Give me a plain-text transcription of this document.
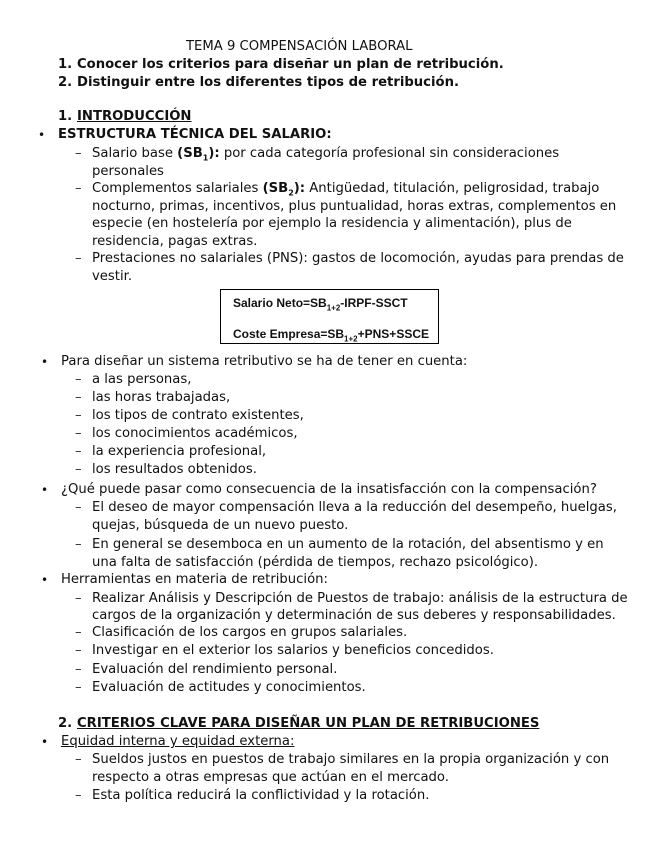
TEMA 9 COMPENSACIÓN LABORAL
1. Conocer los criterios para diseñar un plan de retribución.
2. Distinguir entre los diferentes tipos de retribución.
1. INTRODUCCIÓN
• ESTRUCTURA TÉCNICA DEL SALARIO:
– Salario base $(SB_1)$: por cada categoría profesional sin consideraciones
personales
– Complementos salariales $(SB_2)$: Antigüedad, titulación, peligrosidad, trabajo
nocturno, primas, incentivos, plus puntualidad, horas extras, complementos en
especie (en hostelería por ejemplo la residencia y alimentación), plus de
residencia, pagas extras.
– Prestaciones no salariales (PNS): gastos de locomoción, ayudas para prendas de
vestir.
Salario $Neto=SB_{1+2}-IRPF$-SSCT
Coste $Empresa=SB_{1+2}+PNS+SSCE$
• Para diseñar un sistema retributivo se ha de tener en cuenta:
– a las personas,
– las horas trabajadas,
– los tipos de contrato existentes,
– los conocimientos académicos,
– la experiencia profesional,
– los resultados obtenidos.
• ¿Qué puede pasar como consecuencia de la insatisfacción con la compensación?
– El deseo de mayor compensación lleva a la reducción del desempeño, huelgas,
quejas, búsqueda de un nuevo puesto.
– En general se desemboca en un aumento de la rotación, del absentismo y en
una falta de satisfacción (pérdida de tiempos, rechazo psicológico).
• Herramientas en materia de retribución:
– Realizar Análisis y Descripción de Puestos de trabajo: análisis de la estructura de
cargos de la organización y determinación de sus deberes y responsabilidades.
– Clasificación de los cargos en grupos salariales.
– Investigar en el exterior los salarios y beneficios concedidos.
– Evaluación del rendimiento personal.
– Evaluación de actitudes y conocimientos.
2. CRITERIOS CLAVE PARA DISEÑAR UN PLAN DE RETRIBUCIONES
• Equidad interna y equidad externa:
– Sueldos justos en puestos de trabajo similares en la propia organización y con
respecto a otras empresas que actúan en el mercado.
– Esta política reducirá la conflictividad y la rotación.
